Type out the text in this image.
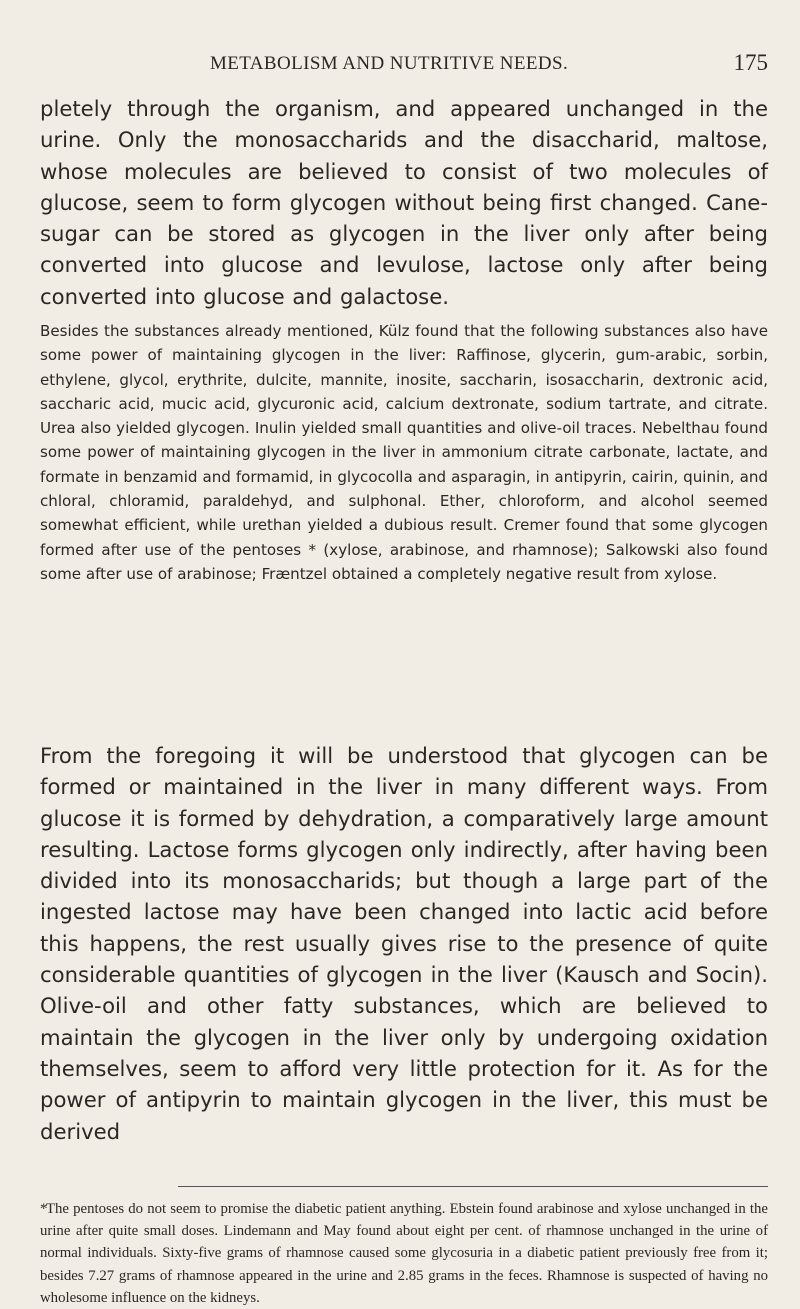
METABOLISM AND NUTRITIVE NEEDS.	175

pletely through the organism, and appeared unchanged in the urine. Only the monosaccharids and the disaccharid, maltose, whose molecules are believed to consist of two molecules of glucose, seem to form glycogen without being first changed. Cane-sugar can be stored as glycogen in the liver only after being converted into glucose and levulose, lactose only after being converted into glucose and galactose.

Besides the substances already mentioned, Külz found that the following substances also have some power of maintaining glycogen in the liver: Raffinose, glycerin, gum-arabic, sorbin, ethylene, glycol, erythrite, dulcite, mannite, inosite, saccharin, isosaccharin, dextronic acid, saccharic acid, mucic acid, glycuronic acid, calcium dextronate, sodium tartrate, and citrate. Urea also yielded glycogen. Inulin yielded small quantities and olive-oil traces. Nebelthau found some power of maintaining glycogen in the liver in ammonium citrate carbonate, lactate, and formate in benzamid and formamid, in glycocolla and asparagin, in antipyrin, cairin, quinin, and chloral, chloramid, paraldehyd, and sulphonal. Ether, chloroform, and alcohol seemed somewhat efficient, while urethan yielded a dubious result. Cremer found that some glycogen formed after use of the pentoses * (xylose, arabinose, and rhamnose); Salkowski also found some after use of arabinose; Fræntzel obtained a completely negative result from xylose.

From the foregoing it will be understood that glycogen can be formed or maintained in the liver in many different ways. From glucose it is formed by dehydration, a comparatively large amount resulting. Lactose forms glycogen only indirectly, after having been divided into its monosaccharids; but though a large part of the ingested lactose may have been changed into lactic acid before this happens, the rest usually gives rise to the presence of quite considerable quantities of glycogen in the liver (Kausch and Socin). Olive-oil and other fatty substances, which are believed to maintain the glycogen in the liver only by undergoing oxidation themselves, seem to afford very little protection for it. As for the power of antipyrin to maintain glycogen in the liver, this must be derived

*The pentoses do not seem to promise the diabetic patient anything. Ebstein found arabinose and xylose unchanged in the urine after quite small doses. Lindemann and May found about eight per cent. of rhamnose unchanged in the urine of normal individuals. Sixty-five grams of rhamnose caused some glycosuria in a diabetic patient previously free from it; besides 7.27 grams of rhamnose appeared in the urine and 2.85 grams in the feces. Rhamnose is suspected of having no wholesome influence on the kidneys.
